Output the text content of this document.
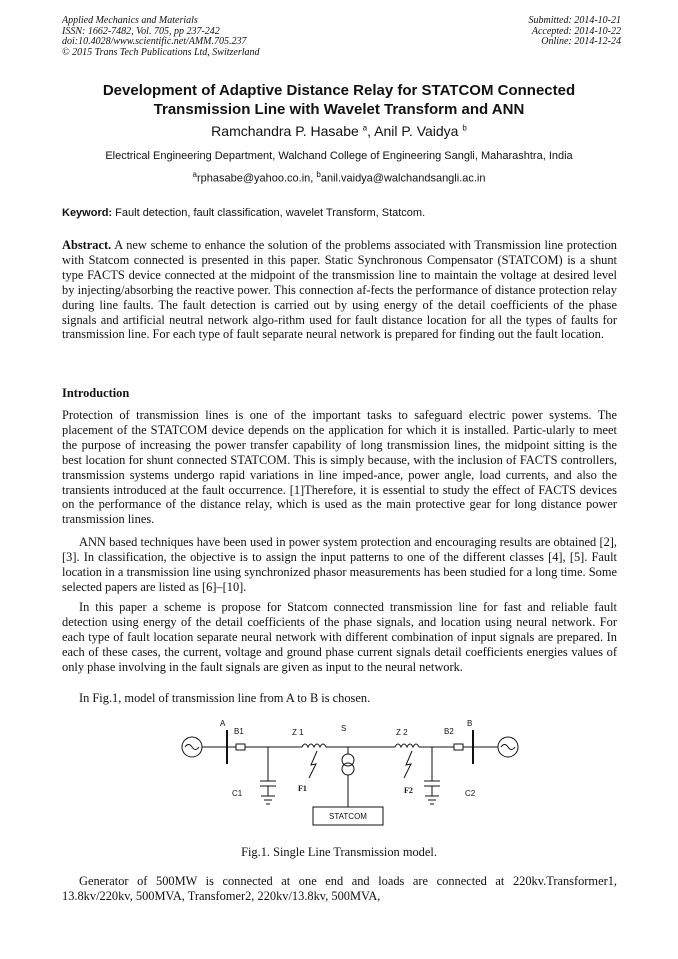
Applied Mechanics and Materials
ISSN: 1662-7482, Vol. 705, pp 237-242
doi:10.4028/www.scientific.net/AMM.705.237
© 2015 Trans Tech Publications Ltd, Switzerland
Submitted: 2014-10-21
Accepted: 2014-10-22
Online: 2014-12-24
Development of Adaptive Distance Relay for STATCOM Connected
Transmission Line with Wavelet Transform and ANN
Ramchandra P. Hasabe $^a$, Anil P. Vaidya $^b$
Electrical Engineering Department, Walchand College of Engineering Sangli, Maharashtra, India
$^a$rphasabe@yahoo.co.in, $^b$anil.vaidya@walchandsangli.ac.in
Keyword: Fault detection, fault classification, wavelet Transform, Statcom.

Abstract. A new scheme to enhance the solution of the problems associated with Transmission line protection with Statcom connected is presented in this paper. Static Synchronous Compensator (STATCOM) is a shunt type FACTS device connected at the midpoint of the transmission line to maintain the voltage at desired level by injecting/absorbing the reactive power. This connection af-fects the performance of distance protection relay during line faults. The fault detection is carried out by using energy of the detail coefficients of the phase signals and artificial neutral network algo-rithm used for fault distance location for all the types of faults for transmission line. For each type of fault separate neural network is prepared for finding out the fault location.

Introduction

Protection of transmission lines is one of the important tasks to safeguard electric power systems. The placement of the STATCOM device depends on the application for which it is installed. Partic-ularly to meet the purpose of increasing the power transfer capability of long transmission lines, the midpoint sitting is the best location for shunt connected STATCOM. This is simply because, with the inclusion of FACTS controllers, transmission systems undergo rapid variations in line imped-ance, power angle, load currents, and also the transients introduced at the fault occurrence. [1]Therefore, it is essential to study the effect of FACTS devices on the performance of the distance relay, which is used as the main protective gear for long distance power transmission lines.

ANN based techniques have been used in power system protection and encouraging results are obtained [2], [3]. In classification, the objective is to assign the input patterns to one of the different classes [4], [5]. Fault location in a transmission line using synchronized phasor measurements has been studied for a long time. Some selected papers are listed as [6]–[10].

In this paper a scheme is propose for Statcom connected transmission line for fast and reliable fault detection using energy of the detail coefficients of the phase signals, and location using neural network. For each type of fault location separate neural network with different combination of input signals are prepared. In each of these cases, the current, voltage and ground phase current signals detail coefficients energies values of only phase involving in the fault signals are given as input to the neural network.

In Fig.1, model of transmission line from A to B is chosen.

A
B1	Z 1	S	Z 2	B2
B
C1
F1	F2	C2
STATCOM
Fig.1. Single Line Transmission model.

Generator of 500MW is connected at one end and loads are connected at 220kv.Transformer1, 13.8kv/220kv, 500MVA, Transfomer2, 220kv/13.8kv, 500MVA,
